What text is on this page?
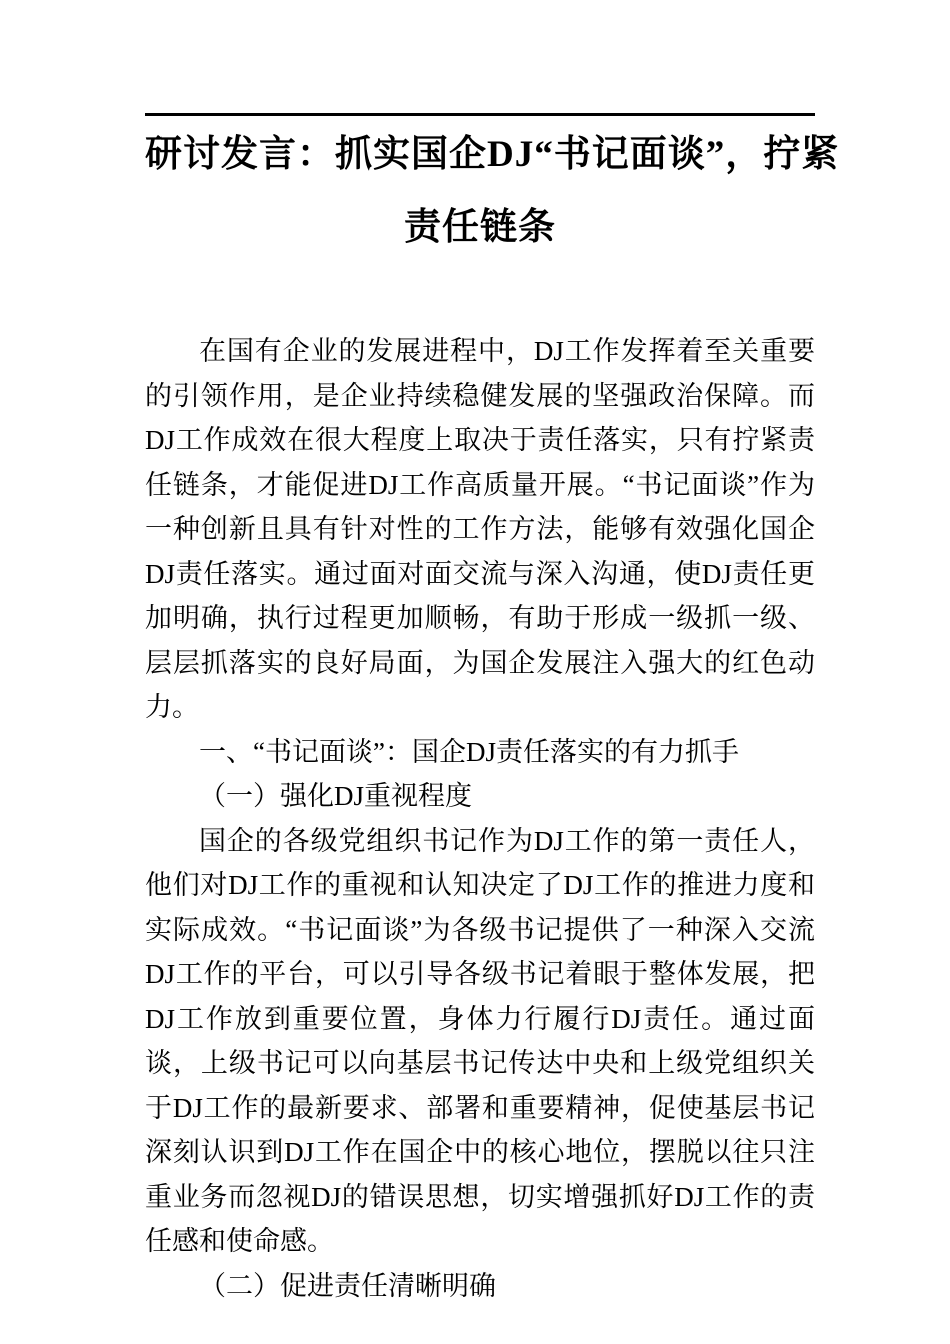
研讨发言：抓实国企DJ“书记面谈”，拧紧
责任链条

在国有企业的发展进程中，DJ工作发挥着至关重要的引领作用，是企业持续稳健发展的坚强政治保障。而DJ工作成效在很大程度上取决于责任落实，只有拧紧责任链条，才能促进DJ工作高质量开展。“书记面谈”作为一种创新且具有针对性的工作方法，能够有效强化国企DJ责任落实。通过面对面交流与深入沟通，使DJ责任更加明确，执行过程更加顺畅，有助于形成一级抓一级、层层抓落实的良好局面，为国企发展注入强大的红色动力。

一、“书记面谈”：国企DJ责任落实的有力抓手

（一）强化DJ重视程度

国企的各级党组织书记作为DJ工作的第一责任人，他们对DJ工作的重视和认知决定了DJ工作的推进力度和实际成效。“书记面谈”为各级书记提供了一种深入交流DJ工作的平台，可以引导各级书记着眼于整体发展，把DJ工作放到重要位置，身体力行履行DJ责任。通过面谈，上级书记可以向基层书记传达中央和上级党组织关于DJ工作的最新要求、部署和重要精神，促使基层书记深刻认识到DJ工作在国企中的核心地位，摆脱以往只注重业务而忽视DJ的错误思想，切实增强抓好DJ工作的责任感和使命感。

（二）促进责任清晰明确
